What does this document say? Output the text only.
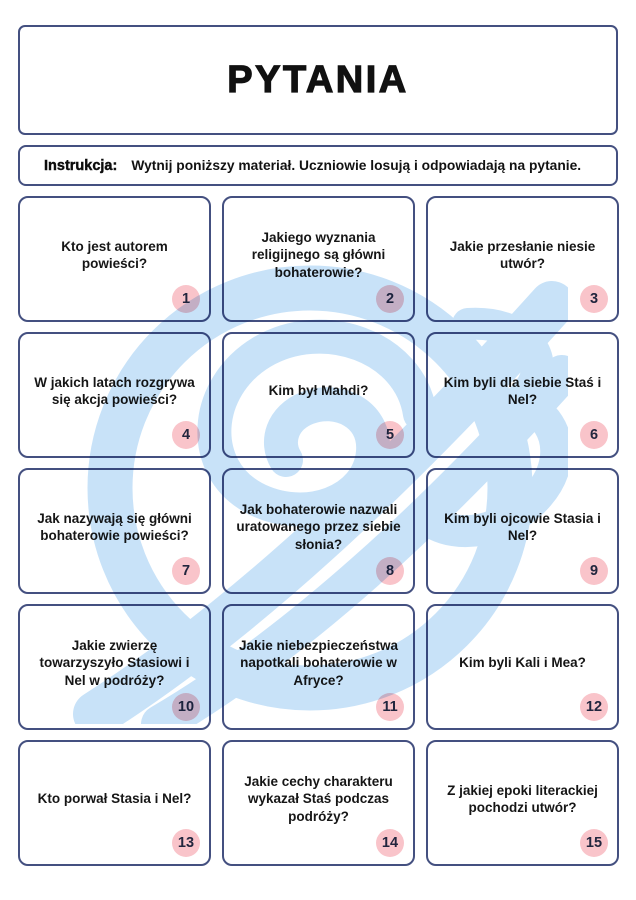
PYTANIA
Instrukcja: Wytnij poniższy materiał. Uczniowie losują i odpowiadają na pytanie.
Kto jest autorem powieści?
1
Jakiego wyznania religijnego są główni bohaterowie?
2
Jakie przesłanie niesie utwór?
3
W jakich latach rozgrywa się akcja powieści?
4
Kim był Mahdi?
5
Kim byli dla siebie Staś i Nel?
6
Jak nazywają się główni bohaterowie powieści?
7
Jak bohaterowie nazwali uratowanego przez siebie słonia?
8
Kim byli ojcowie Stasia i Nel?
9
Jakie zwierzę towarzyszyło Stasiowi i Nel w podróży?
10
Jakie niebezpieczeństwa napotkali bohaterowie w Afryce?
11
Kim byli Kali i Mea?
12
Kto porwał Stasia i Nel?
13
Jakie cechy charakteru wykazał Staś podczas podróży?
14
Z jakiej epoki literackiej pochodzi utwór?
15
